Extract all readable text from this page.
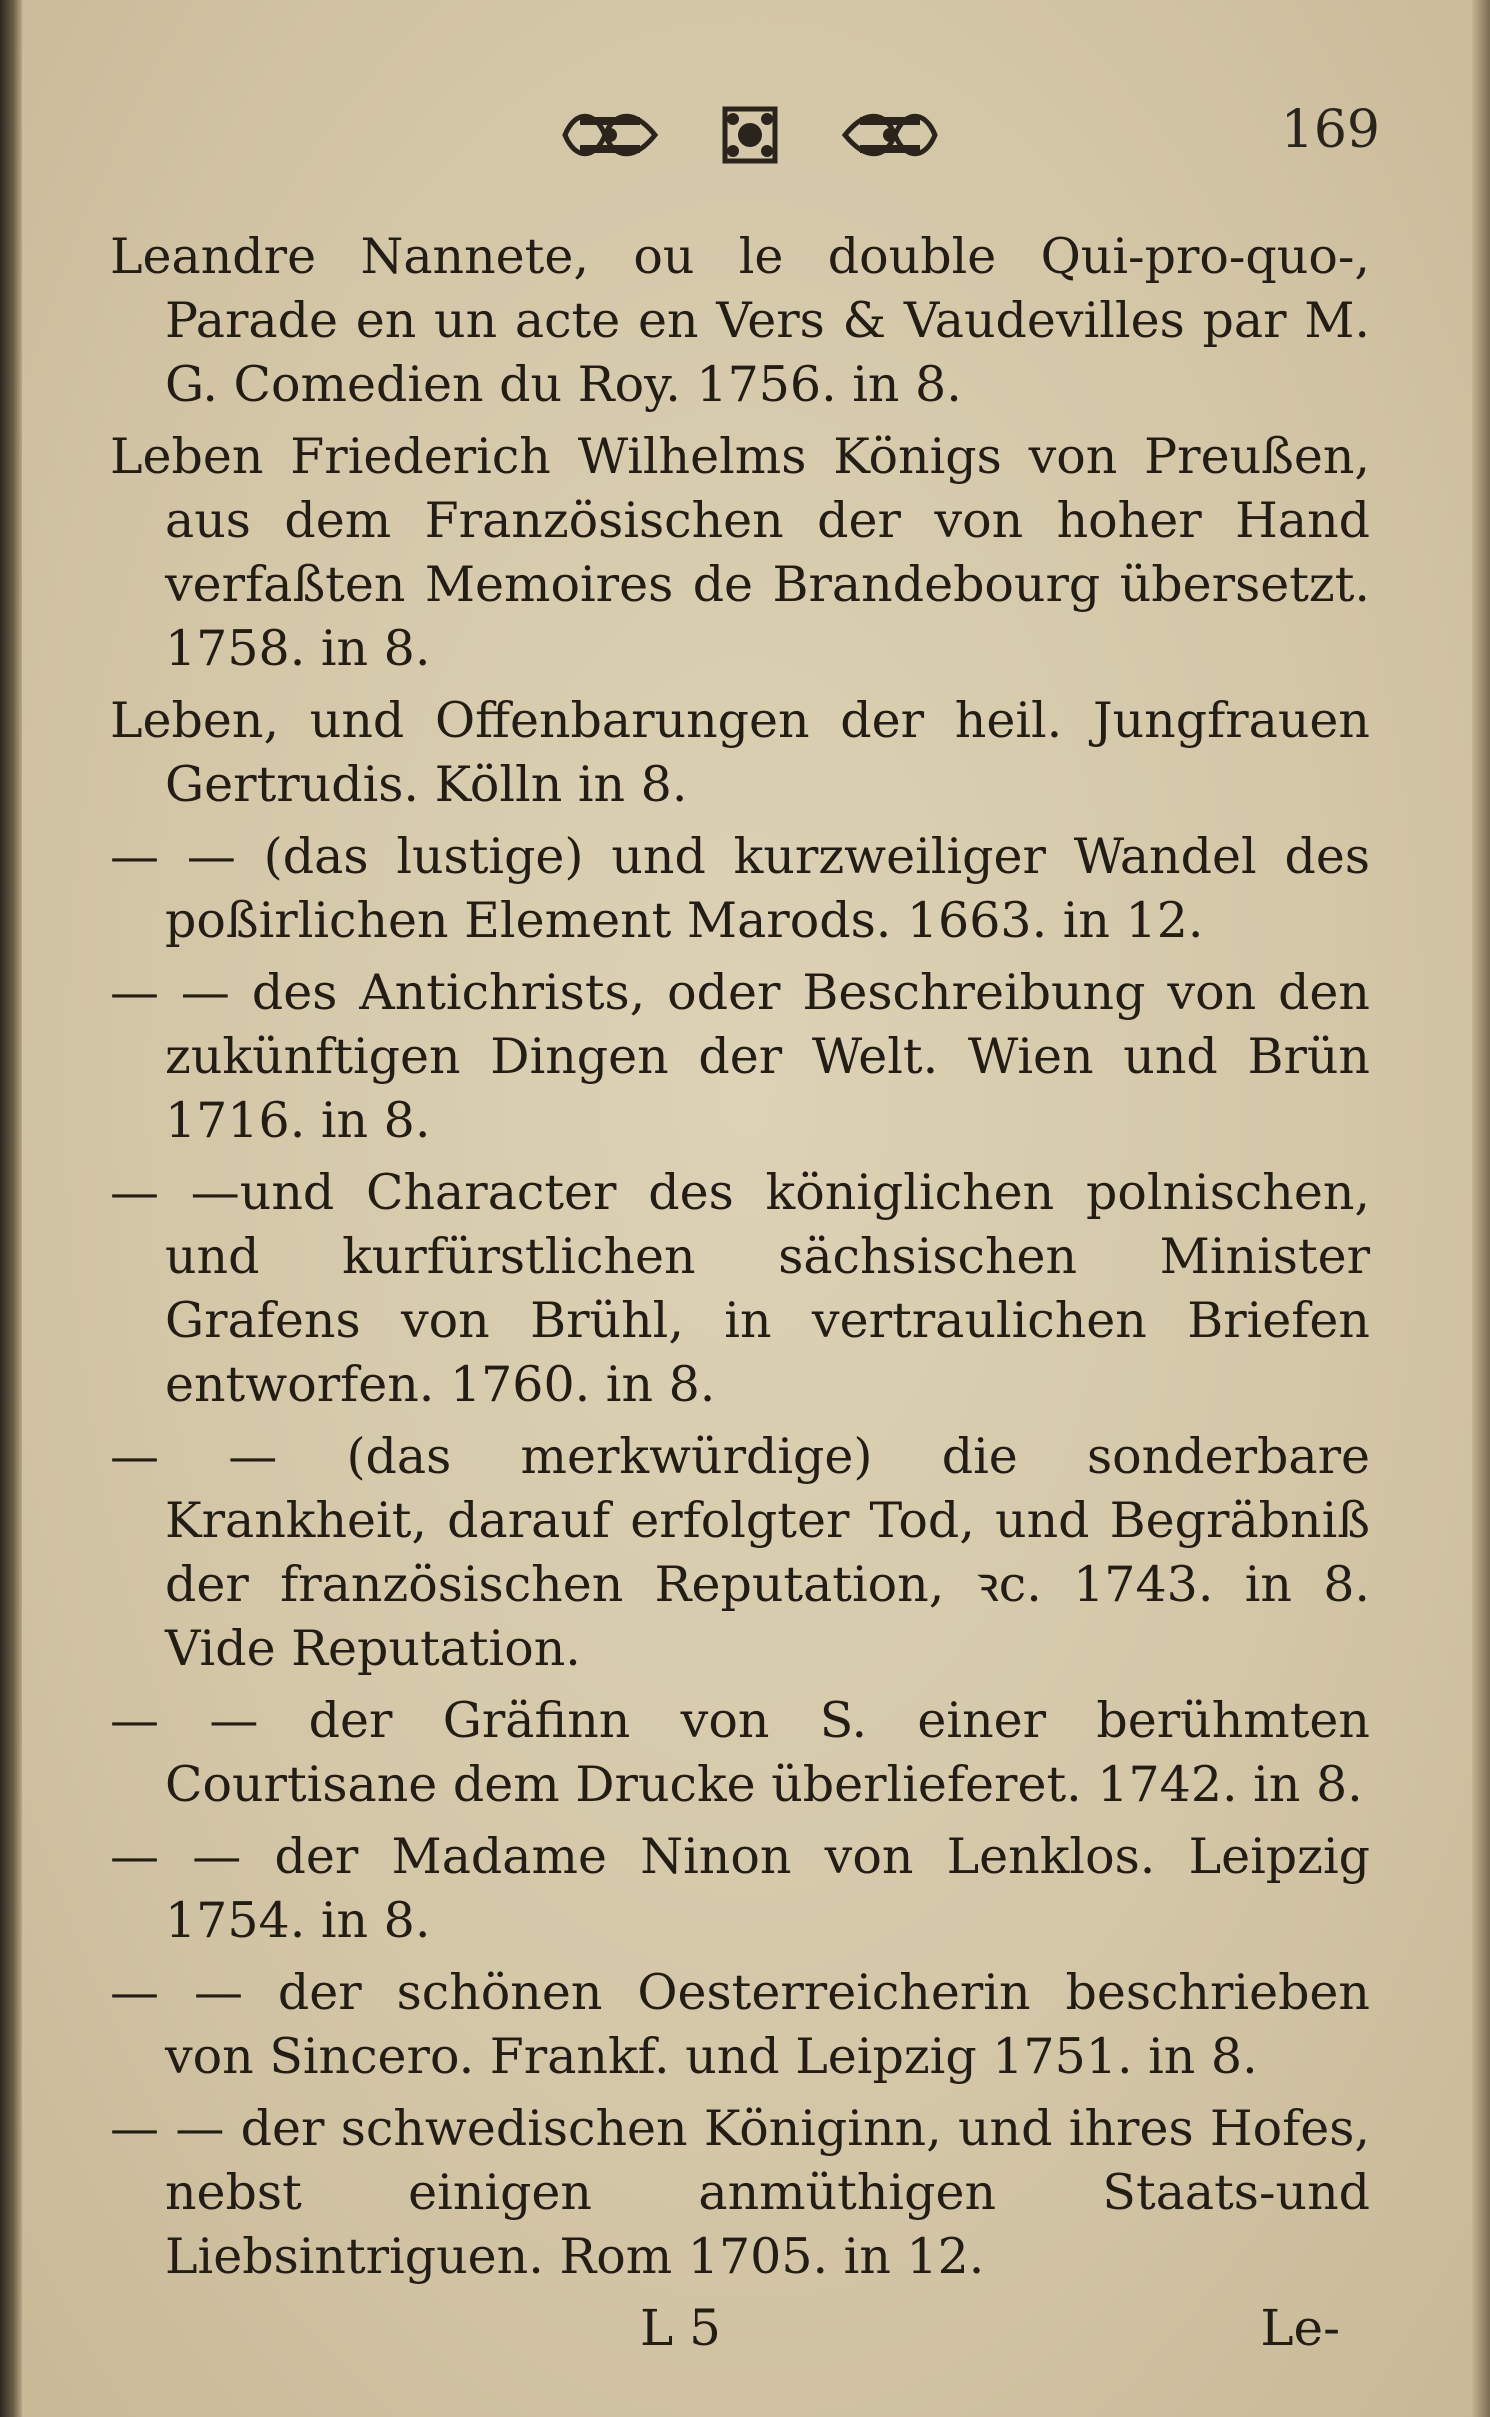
169

Leandre Nannete, ou le double Qui-pro-quo-, Parade en un acte en Vers & Vaudevilles par M. G. Comedien du Roy. 1756. in 8.

Leben Friederich Wilhelms Königs von Preußen, aus dem Französischen der von hoher Hand verfaßten Memoires de Brandebourg übersetzt. 1758. in 8.

Leben, und Offenbarungen der heil. Jungfrauen Gertrudis. Kölln in 8.

— — (das lustige) und kurzweiliger Wandel des poßirlichen Element Marods. 1663. in 12.

— — des Antichrists, oder Beschreibung von den zukünftigen Dingen der Welt. Wien und Brün 1716. in 8.

— —und Character des königlichen polnischen, und kurfürstlichen sächsischen Minister Grafens von Brühl, in vertraulichen Briefen entworfen. 1760. in 8.

— — (das merkwürdige) die sonderbare Krankheit, darauf erfolgter Tod, und Begräbniß der französischen Reputation, ꝛc. 1743. in 8. Vide Reputation.

— — der Gräfinn von S. einer berühmten Courtisane dem Drucke überlieferet. 1742. in 8.

— — der Madame Ninon von Lenklos. Leipzig 1754. in 8.

— — der schönen Oesterreicherin beschrieben von Sincero. Frankf. und Leipzig 1751. in 8.

— — der schwedischen Königinn, und ihres Hofes, nebst einigen anmüthigen Staats-und Liebsintriguen. Rom 1705. in 12.

L 5	Le-
